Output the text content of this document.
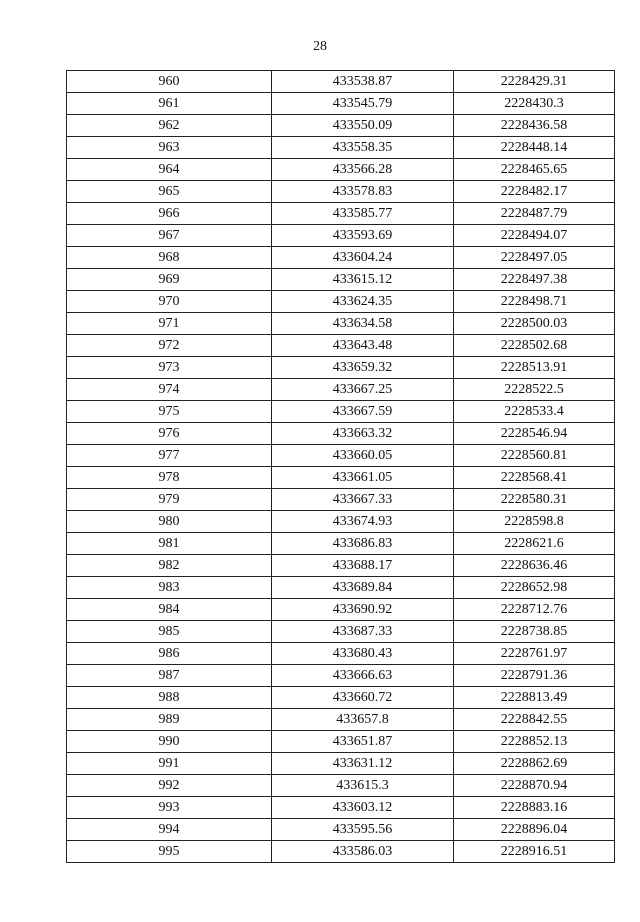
28
960	433538.87	2228429.31
961	433545.79	2228430.3
962	433550.09	2228436.58
963	433558.35	2228448.14
964	433566.28	2228465.65
965	433578.83	2228482.17
966	433585.77	2228487.79
967	433593.69	2228494.07
968	433604.24	2228497.05
969	433615.12	2228497.38
970	433624.35	2228498.71
971	433634.58	2228500.03
972	433643.48	2228502.68
973	433659.32	2228513.91
974	433667.25	2228522.5
975	433667.59	2228533.4
976	433663.32	2228546.94
977	433660.05	2228560.81
978	433661.05	2228568.41
979	433667.33	2228580.31
980	433674.93	2228598.8
981	433686.83	2228621.6
982	433688.17	2228636.46
983	433689.84	2228652.98
984	433690.92	2228712.76
985	433687.33	2228738.85
986	433680.43	2228761.97
987	433666.63	2228791.36
988	433660.72	2228813.49
989	433657.8	2228842.55
990	433651.87	2228852.13
991	433631.12	2228862.69
992	433615.3	2228870.94
993	433603.12	2228883.16
994	433595.56	2228896.04
995	433586.03	2228916.51
